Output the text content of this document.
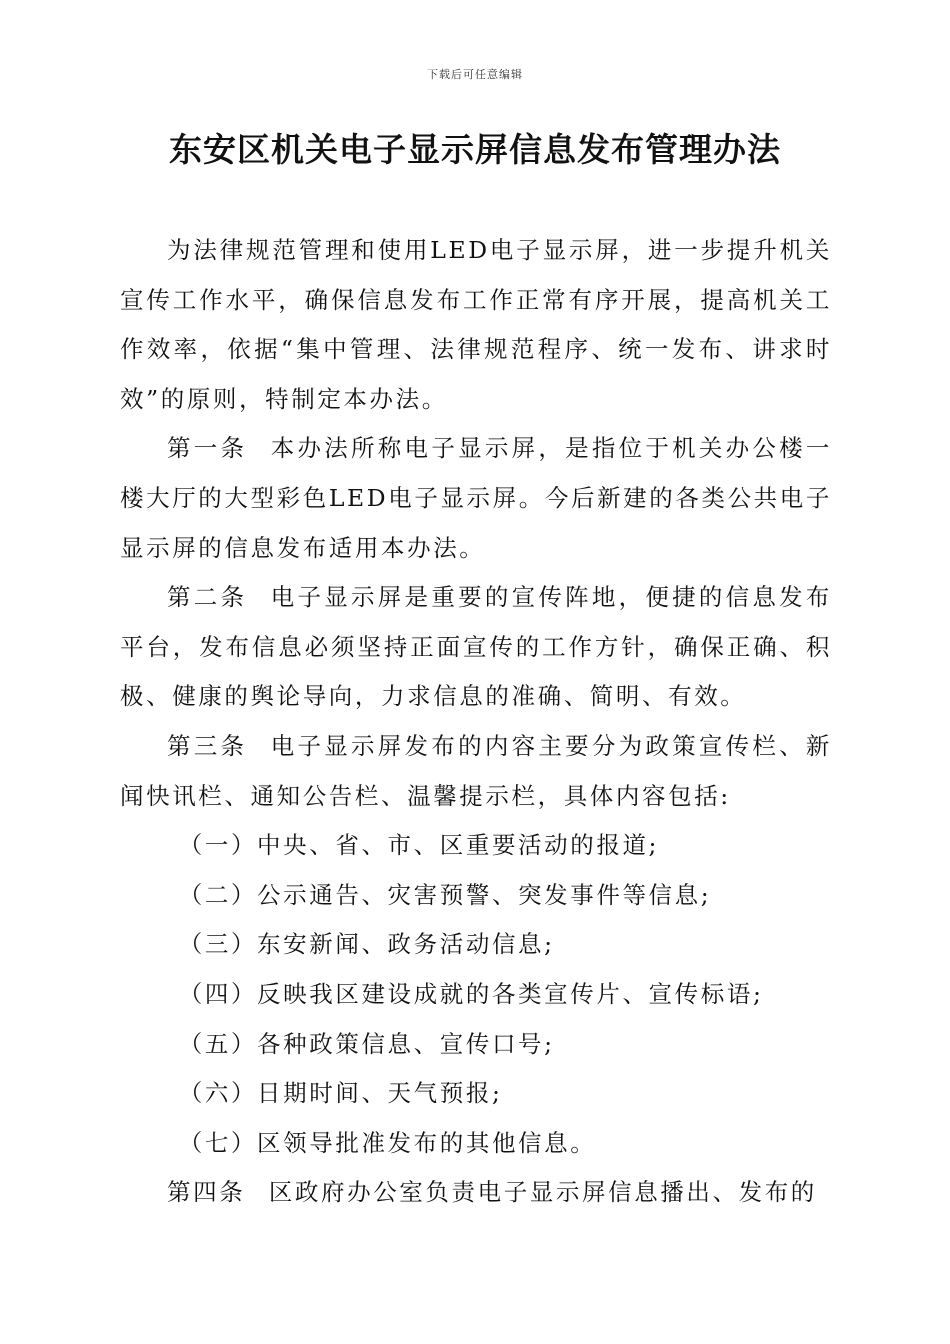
下载后可任意编辑
东安区机关电子显示屏信息发布管理办法

为法律规范管理和使用LED电子显示屏，进一步提升机关宣传工作水平，确保信息发布工作正常有序开展，提高机关工作效率，依据“集中管理、法律规范程序、统一发布、讲求时效”的原则，特制定本办法。

第一条 本办法所称电子显示屏，是指位于机关办公楼一楼大厅的大型彩色LED电子显示屏。今后新建的各类公共电子显示屏的信息发布适用本办法。

第二条 电子显示屏是重要的宣传阵地，便捷的信息发布平台，发布信息必须坚持正面宣传的工作方针，确保正确、积极、健康的舆论导向，力求信息的准确、简明、有效。

第三条 电子显示屏发布的内容主要分为政策宣传栏、新闻快讯栏、通知公告栏、温馨提示栏，具体内容包括:

（一）中央、省、市、区重要活动的报道;

（二）公示通告、灾害预警、突发事件等信息;

（三）东安新闻、政务活动信息;

（四）反映我区建设成就的各类宣传片、宣传标语;

（五）各种政策信息、宣传口号;

（六）日期时间、天气预报;

（七）区领导批准发布的其他信息。

第四条 区政府办公室负责电子显示屏信息播出、发布的
